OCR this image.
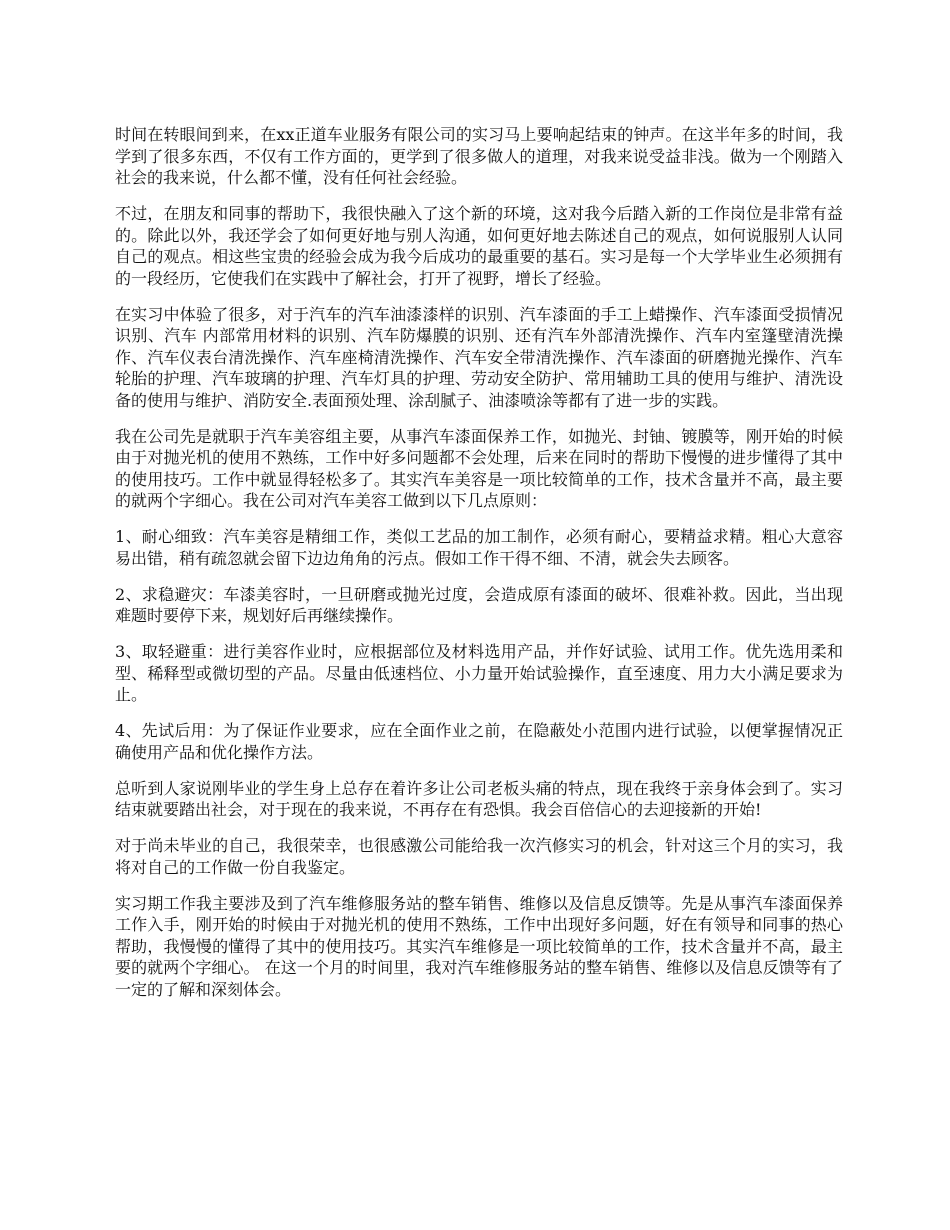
时间在转眼间到来，在xx正道车业服务有限公司的实习马上要响起结束的钟声。在这半年多的时间，我学到了很多东西，不仅有工作方面的，更学到了很多做人的道理，对我来说受益非浅。做为一个刚踏入社会的我来说，什么都不懂，没有任何社会经验。

不过，在朋友和同事的帮助下，我很快融入了这个新的环境，这对我今后踏入新的工作岗位是非常有益的。除此以外，我还学会了如何更好地与别人沟通，如何更好地去陈述自己的观点，如何说服别人认同自己的观点。相这些宝贵的经验会成为我今后成功的最重要的基石。实习是每一个大学毕业生必须拥有的一段经历，它使我们在实践中了解社会，打开了视野，增长了经验。

在实习中体验了很多，对于汽车的汽车油漆漆样的识别、汽车漆面的手工上蜡操作、汽车漆面受损情况识别、汽车 内部常用材料的识别、汽车防爆膜的识别、还有汽车外部清洗操作、汽车内室篷壁清洗操作、汽车仪表台清洗操作、汽车座椅清洗操作、汽车安全带清洗操作、汽车漆面的研磨抛光操作、汽车轮胎的护理、汽车玻璃的护理、汽车灯具的护理、劳动安全防护、常用辅助工具的使用与维护、清洗设备的使用与维护、消防安全.表面预处理、涂刮腻子、油漆喷涂等都有了进一步的实践。

我在公司先是就职于汽车美容组主要，从事汽车漆面保养工作，如抛光、封铀、镀膜等，刚开始的时候由于对抛光机的使用不熟练，工作中好多问题都不会处理，后来在同时的帮助下慢慢的进步懂得了其中的使用技巧。工作中就显得轻松多了。其实汽车美容是一项比较简单的工作，技术含量并不高，最主要的就两个字细心。我在公司对汽车美容工做到以下几点原则：

1、耐心细致：汽车美容是精细工作，类似工艺品的加工制作，必须有耐心，要精益求精。粗心大意容易出错，稍有疏忽就会留下边边角角的污点。假如工作干得不细、不清，就会失去顾客。

2、求稳避灾：车漆美容时，一旦研磨或抛光过度，会造成原有漆面的破坏、很难补救。因此，当出现难题时要停下来，规划好后再继续操作。

3、取轻避重：进行美容作业时，应根据部位及材料选用产品，并作好试验、试用工作。优先选用柔和型、稀释型或微切型的产品。尽量由低速档位、小力量开始试验操作，直至速度、用力大小满足要求为止。

4、先试后用：为了保证作业要求，应在全面作业之前，在隐蔽处小范围内进行试验，以便掌握情况正确使用产品和优化操作方法。

总听到人家说刚毕业的学生身上总存在着许多让公司老板头痛的特点，现在我终于亲身体会到了。实习结束就要踏出社会，对于现在的我来说，不再存在有恐惧。我会百倍信心的去迎接新的开始!

对于尚未毕业的自己，我很荣幸，也很感激公司能给我一次汽修实习的机会，针对这三个月的实习，我将对自己的工作做一份自我鉴定。

实习期工作我主要涉及到了汽车维修服务站的整车销售、维修以及信息反馈等。先是从事汽车漆面保养工作入手，刚开始的时候由于对抛光机的使用不熟练，工作中出现好多问题，好在有领导和同事的热心帮助，我慢慢的懂得了其中的使用技巧。其实汽车维修是一项比较简单的工作，技术含量并不高，最主要的就两个字细心。 在这一个月的时间里，我对汽车维修服务站的整车销售、维修以及信息反馈等有了一定的了解和深刻体会。
